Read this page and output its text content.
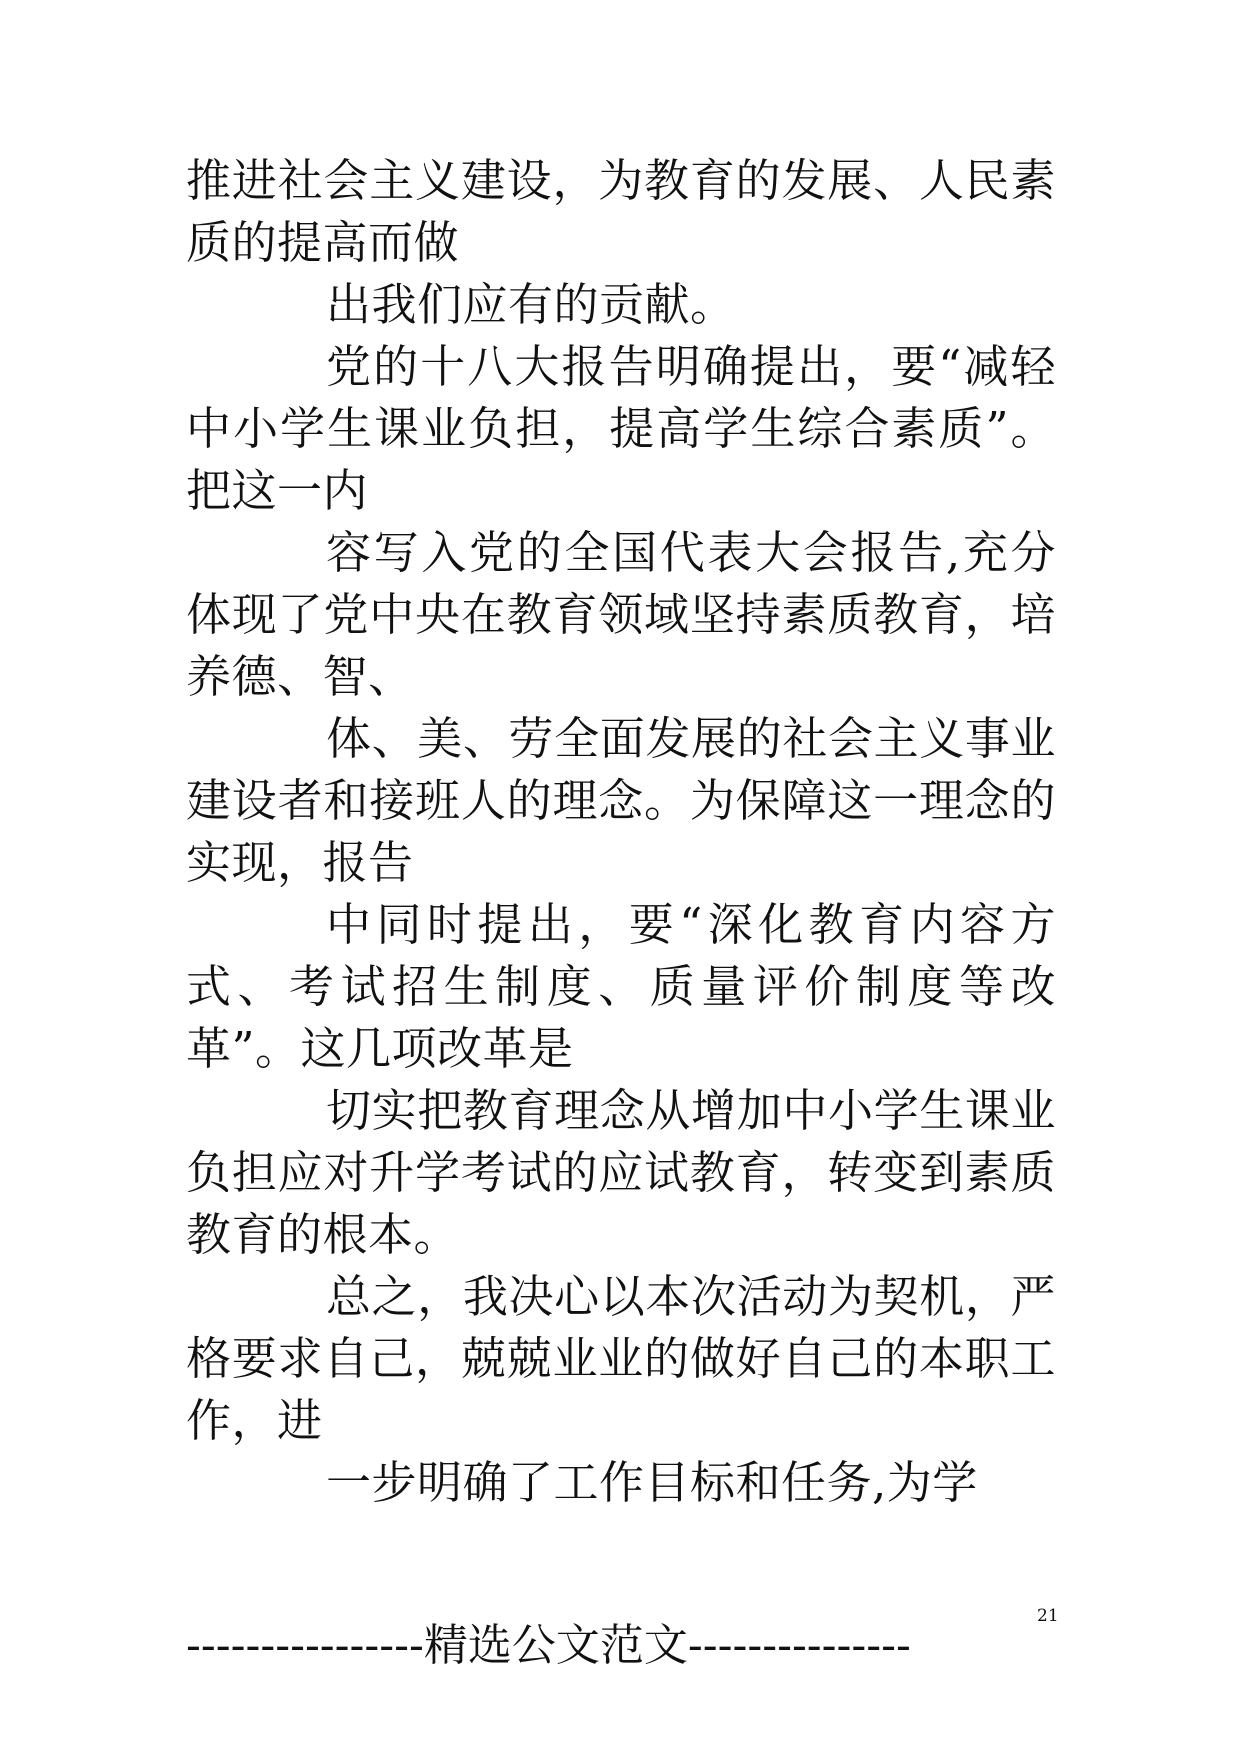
推进社会主义建设，为教育的发展、人民素质的提高而做

出我们应有的贡献。

党的十八大报告明确提出，要“减轻中小学生课业负担，提高学生综合素质”。把这一内

容写入党的全国代表大会报告,充分体现了党中央在教育领域坚持素质教育，培养德、智、

体、美、劳全面发展的社会主义事业建设者和接班人的理念。为保障这一理念的实现，报告

中同时提出，要“深化教育内容方式、考试招生制度、质量评价制度等改革”。这几项改革是

切实把教育理念从增加中小学生课业负担应对升学考试的应试教育，转变到素质教育的根本。

总之，我决心以本次活动为契机，严格要求自己，兢兢业业的做好自己的本职工作，进

一步明确了工作目标和任务,为学

21
----------------精选公文范文---------------
